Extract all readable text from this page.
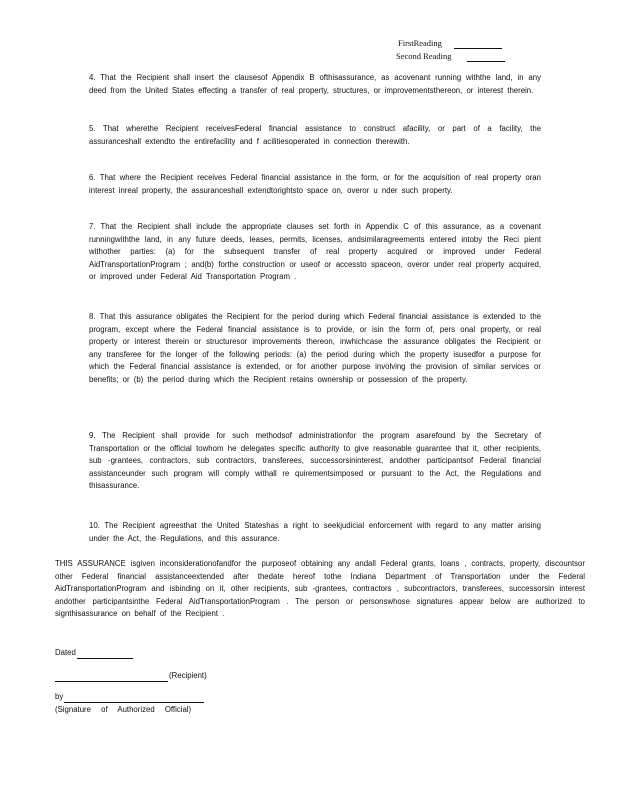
FirstReading
Second Reading
4. That the Recipient shall insert the clausesof Appendix B ofthisassurance, as acovenant running withthe land, in any deed from the United States effecting a transfer of real property, structures, or improvementsthereon, or interest therein.
5. That wherethe Recipient receivesFederal financial assistance to construct afacility, or part of a facility, the assuranceshall extendto the entirefacility and f acilitiesoperated in connection therewith.
6. That where the Recipient receives Federal financial assistance in the form, or for the acquisition of real property oran interest inreal property, the assuranceshall extendtorightsto space on, overor u nder such property.
7. That the Recipient shall include the appropriate clauses set forth in Appendix C of this assurance, as a covenant runningwiththe land, in any future deeds, leases, permits, licenses, andsimilaragreements entered intoby the Reci pient withother parties: (a) for the subsequent transfer of real property acquired or improved under Federal AidTransportationProgram ; and(b) forthe construction or useof or accessto spaceon, overor under real property acquired, or improved under Federal Aid Transportation Program .
8. That this assurance obligates the Recipient for the period during which Federal financial assistance is extended to the program, except where the Federal financial assistance is to provide, or isin the form of, pers onal property, or real property or interest therein or structuresor improvements thereon, inwhichcase the assurance obligates the Recipient or any transferee for the longer of the following periods: (a) the period during which the property isusedfor a purpose for which the Federal financial assistance is extended, or for another purpose involving the provision of similar services or benefits; or (b) the period during which the Recipient retains ownership or possession of the property.
9. The Recipient shall provide for such methodsof administrationfor the program asarefound by the Secretary of Transportation or the official towhom he delegates specific authority to give reasonable guarantee that it, other recipients, sub -grantees, contractors, sub contractors, transferees, successorsininterest, andother participantsof Federal financial assistanceunder such program will comply withall re quirementsimposed or pursuant to the Act, the Regulations and thisassurance.
10. The Recipient agreesthat the United Stateshas a right to seekjudicial enforcement with regard to any matter arising under the Act, the Regulations, and this assurance.
THIS ASSURANCE isgiven inconsiderationofandfor the purposeof obtaining any andall Federal grants, loans , contracts, property, discountsor other Federal financial assistanceextended after thedate hereof tothe Indiana Department of Transportation under the Federal AidTransportationProgram and isbinding on it, other recipients, sub -grantees, contractors , subcontractors, transferees, successorsin interest andother participantsinthe Federal AidTransportationProgram . The person or personswhose signatures appear below are authorized to signthisassurance on behalf of the Recipient .
Dated
(Recipient)
by
(Signature of Authorized Official)
